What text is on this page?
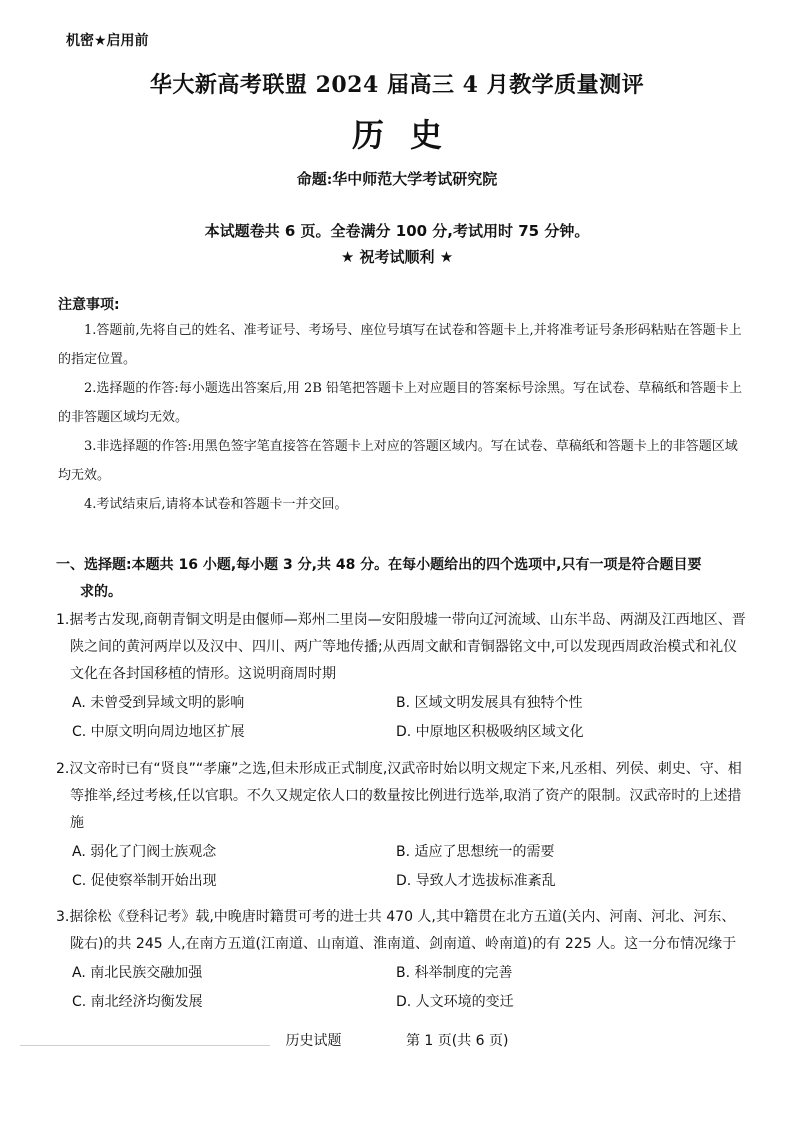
机密★启用前
华大新高考联盟 2024 届高三 4 月教学质量测评
历史
命题:华中师范大学考试研究院
本试题卷共 6 页。全卷满分 100 分,考试用时 75 分钟。
★ 祝考试顺利 ★
注意事项:

1.答题前,先将自己的姓名、准考证号、考场号、座位号填写在试卷和答题卡上,并将准考证号条形码粘贴在答题卡上的指定位置。

2.选择题的作答:每小题选出答案后,用 2B 铅笔把答题卡上对应题目的答案标号涂黑。写在试卷、草稿纸和答题卡上的非答题区域均无效。

3.非选择题的作答:用黑色签字笔直接答在答题卡上对应的答题区域内。写在试卷、草稿纸和答题卡上的非答题区域均无效。

4.考试结束后,请将本试卷和答题卡一并交回。

一、选择题:本题共 16 小题,每小题 3 分,共 48 分。在每小题给出的四个选项中,只有一项是符合题目要
求的。
1.据考古发现,商朝青铜文明是由偃师—郑州二里岗—安阳殷墟一带向辽河流域、山东半岛、两湖及江西地区、晋陕之间的黄河两岸以及汉中、四川、两广等地传播;从西周文献和青铜器铭文中,可以发现西周政治模式和礼仪文化在各封国移植的情形。这说明商周时期
A. 未曾受到异域文明的影响	B. 区域文明发展具有独特个性
C. 中原文明向周边地区扩展	D. 中原地区积极吸纳区域文化
2.汉文帝时已有“贤良”“孝廉”之选,但未形成正式制度,汉武帝时始以明文规定下来,凡丞相、列侯、刺史、守、相等推举,经过考核,任以官职。不久又规定依人口的数量按比例进行选举,取消了资产的限制。汉武帝时的上述措施
A. 弱化了门阀士族观念	B. 适应了思想统一的需要
C. 促使察举制开始出现	D. 导致人才选拔标准紊乱
3.据徐松《登科记考》载,中晚唐时籍贯可考的进士共 470 人,其中籍贯在北方五道(关内、河南、河北、河东、陇右)的共 245 人,在南方五道(江南道、山南道、淮南道、剑南道、岭南道)的有 225 人。这一分布情况缘于
A. 南北民族交融加强	B. 科举制度的完善
C. 南北经济均衡发展	D. 人文环境的变迁
历史试题	第 1 页(共 6 页)
